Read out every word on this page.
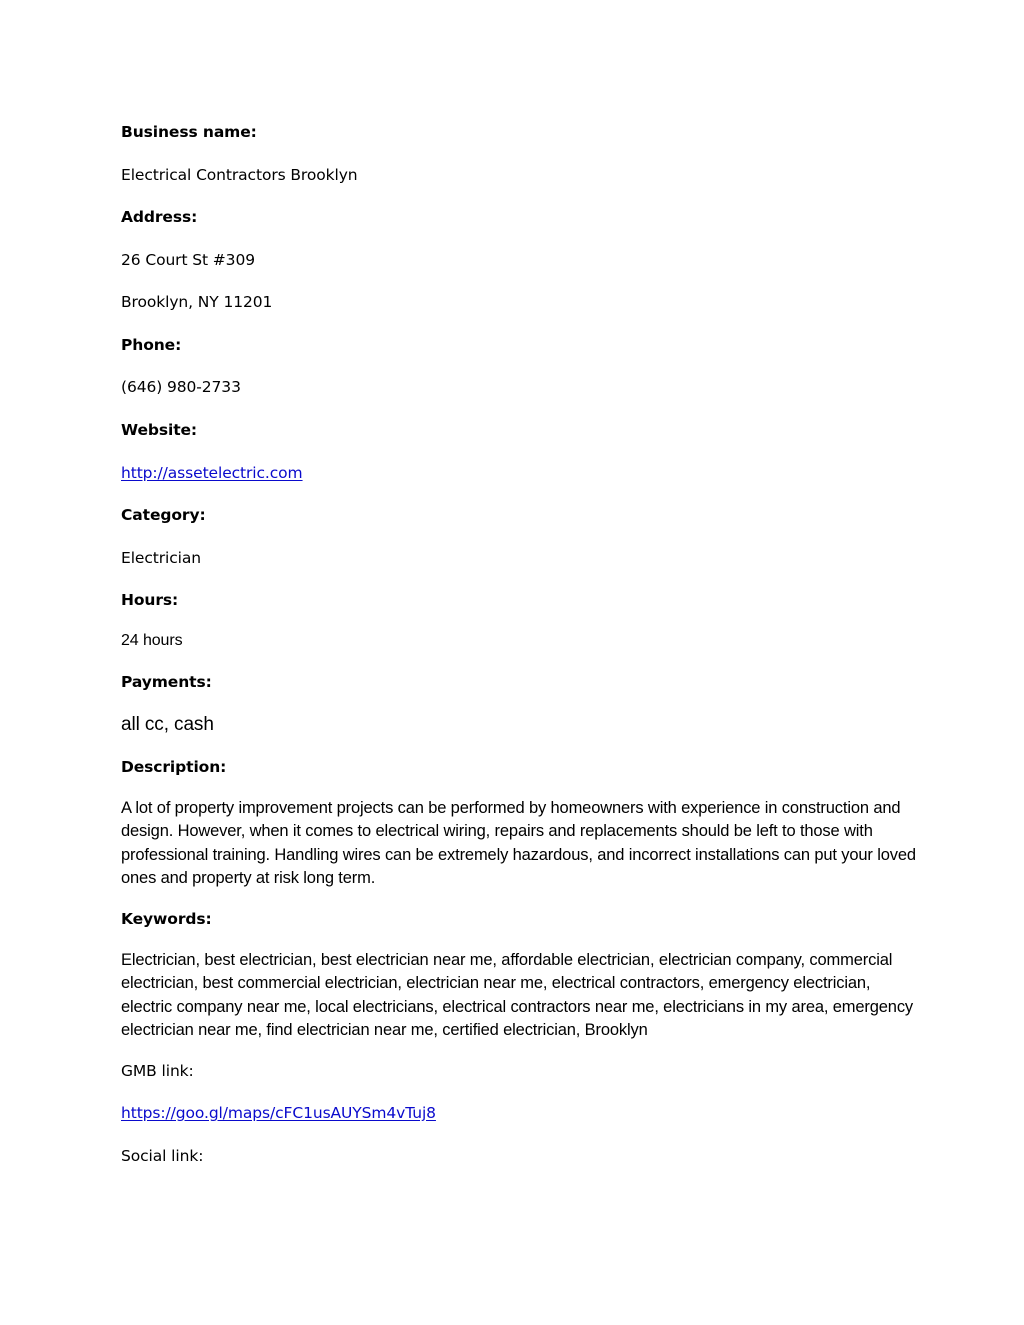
Business name:
Electrical Contractors Brooklyn
Address:
26 Court St #309
Brooklyn, NY 11201
Phone:
(646) 980-2733
Website:
http://assetelectric.com
Category:
Electrician
Hours:
24 hours
Payments:
all cc, cash
Description:
A lot of property improvement projects can be performed by homeowners with experience in construction and design. However, when it comes to electrical wiring, repairs and replacements should be left to those with professional training. Handling wires can be extremely hazardous, and incorrect installations can put your loved ones and property at risk long term.
Keywords:
Electrician, best electrician, best electrician near me, affordable electrician, electrician company, commercial electrician, best commercial electrician, electrician near me, electrical contractors, emergency electrician, electric company near me, local electricians, electrical contractors near me, electricians in my area, emergency electrician near me, find electrician near me, certified electrician, Brooklyn
GMB link:
https://goo.gl/maps/cFC1usAUYSm4vTuj8
Social link:
